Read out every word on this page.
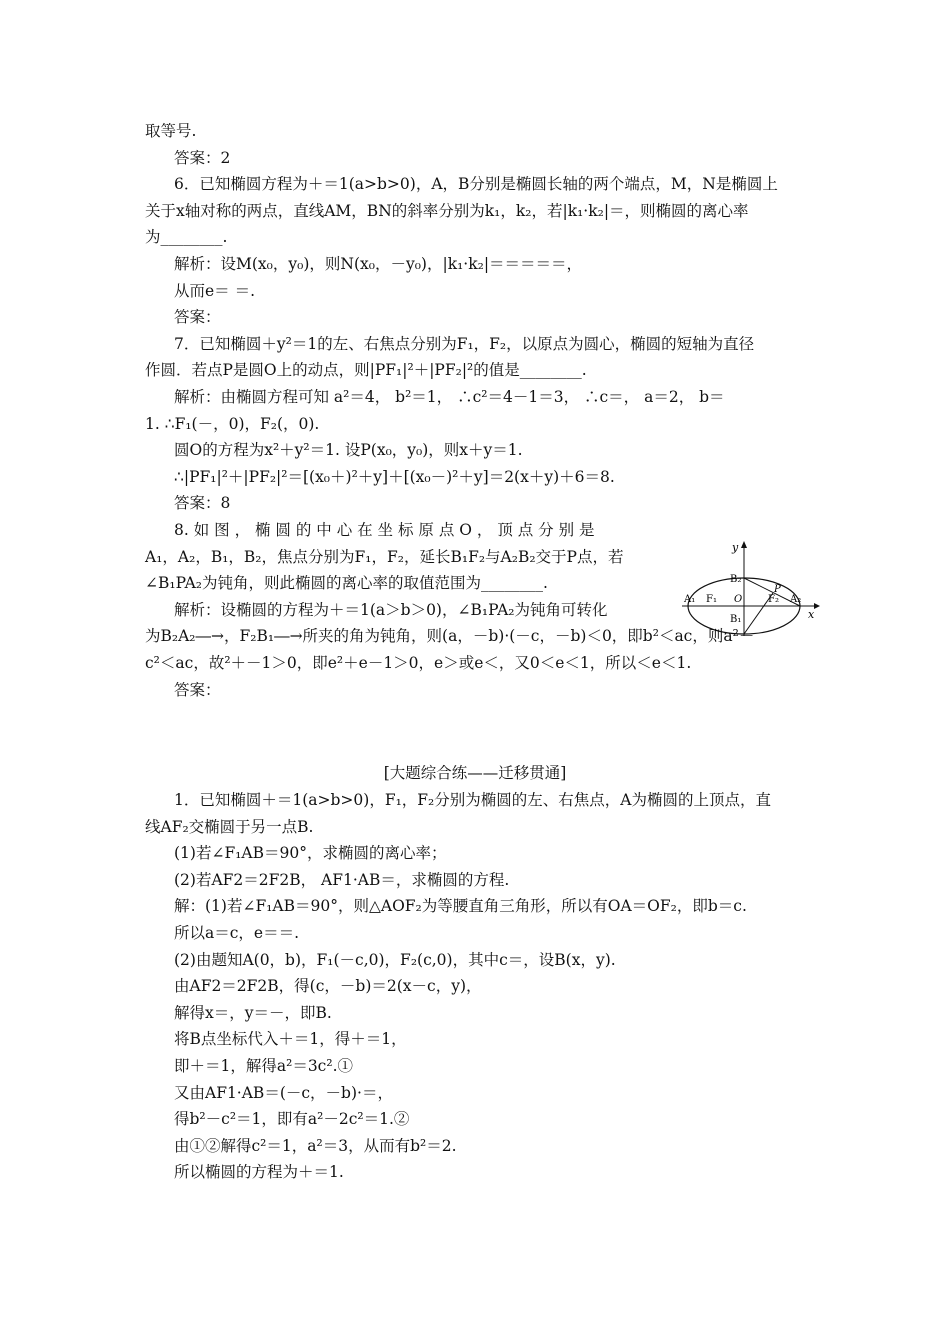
取等号.
答案：2
6．已知椭圆方程为＋＝1(a>b>0)，A，B分别是椭圆长轴的两个端点，M，N是椭圆上
关于x轴对称的两点，直线AM，BN的斜率分别为k₁，k₂，若|k₁·k₂|＝，则椭圆的离心率
为________.
解析：设M(x₀，y₀)，则N(x₀，－y₀)，|k₁·k₂|＝＝＝＝＝，
从而e＝ ＝.
答案：
7．已知椭圆＋y²＝1的左、右焦点分别为F₁，F₂，以原点为圆心，椭圆的短轴为直径
作圆．若点P是圆O上的动点，则|PF₁|²＋|PF₂|²的值是________.
解析：由椭圆方程可知 a²＝4， b²＝1， ∴c²＝4－1＝3， ∴c＝， a＝2， b＝
1. ∴F₁(－，0)，F₂(，0).
圆O的方程为x²＋y²＝1. 设P(x₀，y₀)，则x＋y＝1.
∴|PF₁|²＋|PF₂|²＝[(x₀＋)²＋y]＋[(x₀－)²＋y]＝2(x＋y)＋6＝8.
答案：8
8. 如 图 ， 椭 圆 的 中 心 在 坐 标 原 点 O ， 顶 点 分 别 是
A₁，A₂，B₁，B₂，焦点分别为F₁，F₂，延长B₁F₂与A₂B₂交于P点，若
∠B₁PA₂为钝角，则此椭圆的离心率的取值范围为________.
解析：设椭圆的方程为＋＝1(a＞b＞0)，∠B₁PA₂为钝角可转化
为B₂A₂―→，F₂B₁―→所夹的角为钝角，则(a，－b)·(－c，－b)＜0，即b²＜ac，则a²－
c²＜ac，故²＋－1＞0，即e²＋e－1＞0，e＞或e＜，又0＜e＜1，所以＜e＜1.
答案：
[大题综合练——迁移贯通]
1．已知椭圆＋＝1(a>b>0)，F₁，F₂分别为椭圆的左、右焦点，A为椭圆的上顶点，直
线AF₂交椭圆于另一点B.
(1)若∠F₁AB＝90°，求椭圆的离心率；
(2)若AF2＝2F2B， AF1·AB＝，求椭圆的方程.
解：(1)若∠F₁AB＝90°，则△AOF₂为等腰直角三角形，所以有OA＝OF₂，即b＝c.
所以a＝c，e＝＝.
(2)由题知A(0，b)，F₁(－c,0)，F₂(c,0)，其中c＝，设B(x，y).
由AF2＝2F2B，得(c，－b)＝2(x－c，y)，
解得x＝，y＝－，即B.
将B点坐标代入＋＝1，得＋＝1，
即＋＝1，解得a²＝3c².①
又由AF1·AB＝(－c，－b)·＝，
得b²－c²＝1，即有a²－2c²＝1.②
由①②解得c²＝1，a²＝3，从而有b²＝2.
所以椭圆的方程为＋＝1.
y
x
B₂
P
A₁ F₁ O	F₂ A₂
B₁
